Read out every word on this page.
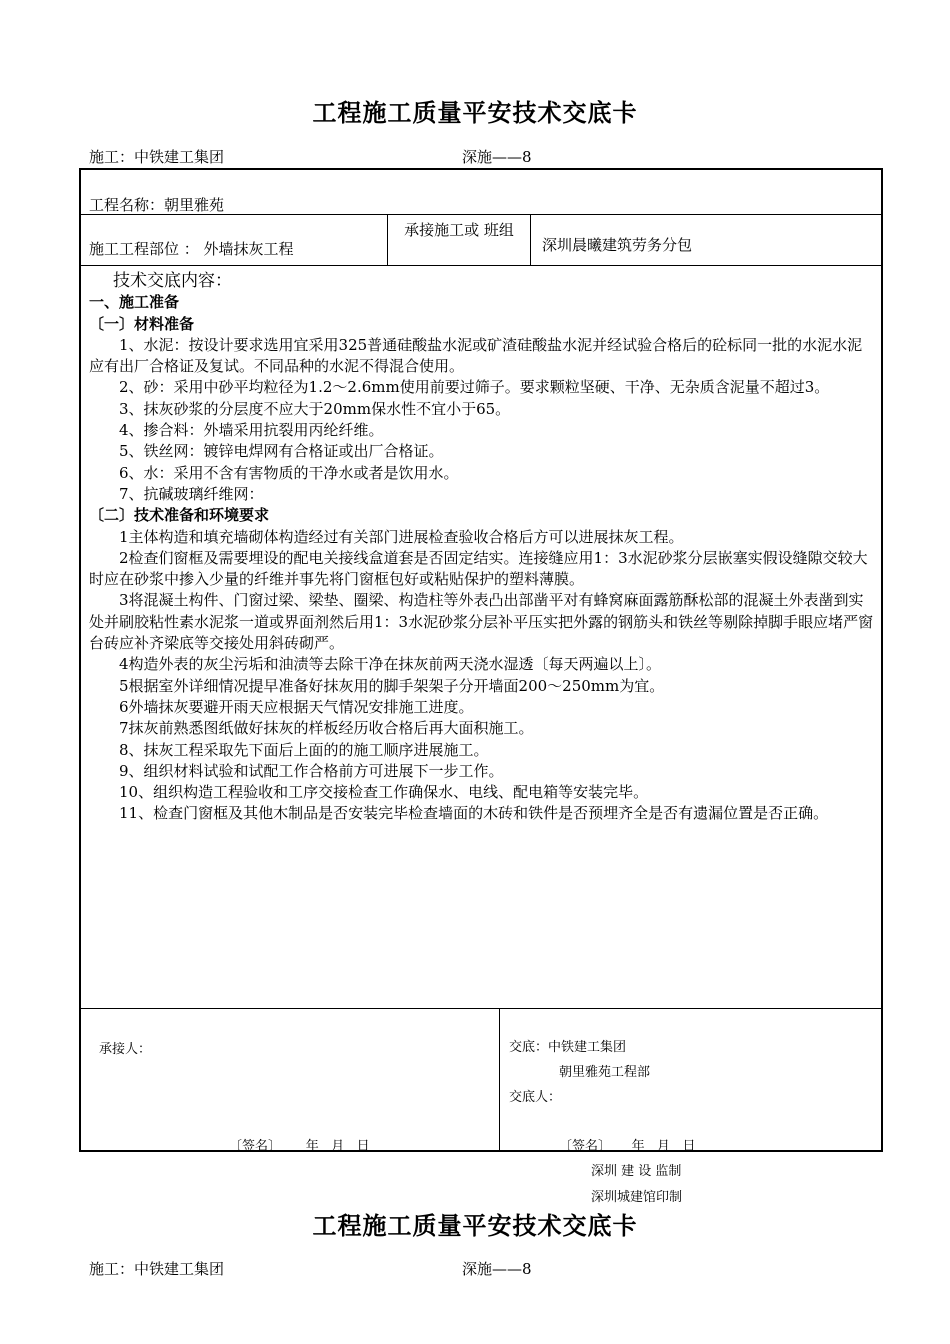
工程施工质量平安技术交底卡
施工：中铁建工集团	深施——8
工程名称：朝里雅苑
施工工程部位 ： 外墙抹灰工程
承接施工或 班组
深圳晨曦建筑劳务分包

技术交底内容：

一、施工准备

〔一〕材料准备

1、水泥：按设计要求选用宜采用325普通硅酸盐水泥或矿渣硅酸盐水泥并经试验合格后的砼标同一批的水泥水泥应有出厂合格证及复试。不同品种的水泥不得混合使用。

2、砂：采用中砂平均粒径为1.2～2.6mm使用前要过筛子。要求颗粒坚硬、干净、无杂质含泥量不超过3。

3、抹灰砂浆的分层度不应大于20mm保水性不宜小于65。

4、掺合料：外墙采用抗裂用丙纶纤维。

5、铁丝网：镀锌电焊网有合格证或出厂合格证。

6、水：采用不含有害物质的干净水或者是饮用水。

7、抗碱玻璃纤维网：

〔二〕技术准备和环境要求

1主体构造和填充墙砌体构造经过有关部门进展检查验收合格后方可以进展抹灰工程。

2检查们窗框及需要埋设的配电关接线盒道套是否固定结实。连接缝应用1：3水泥砂浆分层嵌塞实假设缝隙交较大时应在砂浆中掺入少量的纤维并事先将门窗框包好或粘贴保护的塑料薄膜。

3将混凝土构件、门窗过梁、梁垫、圈梁、构造柱等外表凸出部凿平对有蜂窝麻面露筋酥松部的混凝土外表凿到实处并刷胶粘性素水泥浆一道或界面剂然后用1：3水泥砂浆分层补平压实把外露的钢筋头和铁丝等剔除掉脚手眼应堵严窗台砖应补齐梁底等交接处用斜砖砌严。

4构造外表的灰尘污垢和油渍等去除干净在抹灰前两天浇水湿透〔每天两遍以上〕。

5根据室外详细情况提早准备好抹灰用的脚手架架子分开墙面200～250mm为宜。

6外墙抹灰要避开雨天应根据天气情况安排施工进度。

7抹灰前熟悉图纸做好抹灰的样板经历收合格后再大面积施工。

8、抹灰工程采取先下面后上面的的施工顺序进展施工。

9、组织材料试验和试配工作合格前方可进展下一步工作。

10、组织构造工程验收和工序交接检查工作确保水、电线、配电箱等安装完毕。

11、检查门窗框及其他木制品是否安装完毕检查墙面的木砖和铁件是否预埋齐全是否有遗漏位置是否正确。

承接人：	交底：中铁建工集团
朝里雅苑工程部
交底人：
〔签名〕      年   月   日	〔签名〕     年   月   日
深圳 建 设 监制
深圳城建馆印制
工程施工质量平安技术交底卡
施工：中铁建工集团	深施——8
